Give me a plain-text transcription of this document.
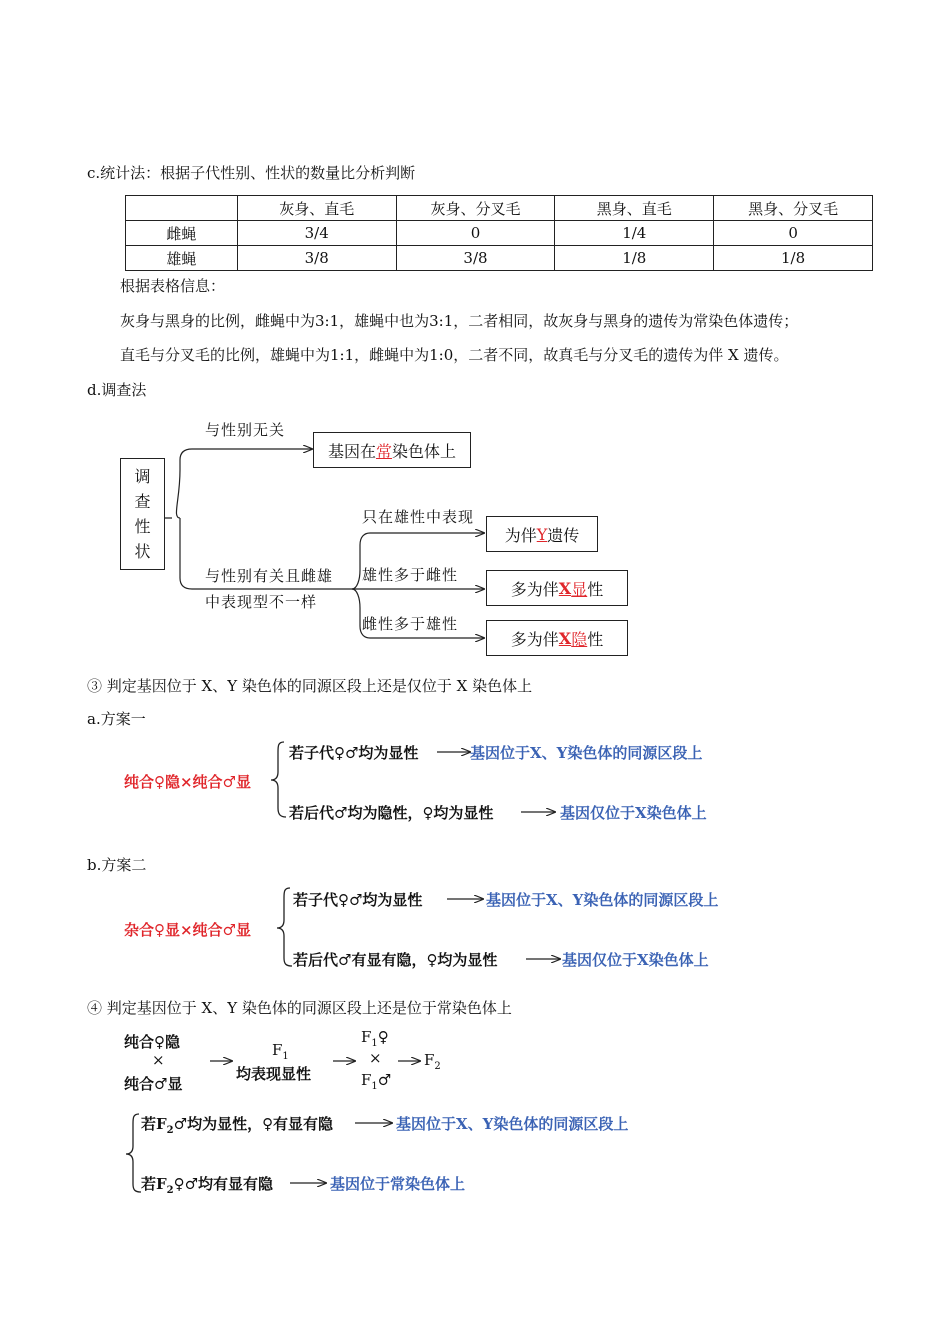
c.统计法：根据子代性别、性状的数量比分析判断
	灰身、直毛	灰身、分叉毛	黑身、直毛	黑身、分叉毛
雌蝇	3/4	0	1/4	0
雄蝇	3/8	3/8	1/8	1/8
根据表格信息：
灰身与黑身的比例，雌蝇中为3:1，雄蝇中也为3:1，二者相同，故灰身与黑身的遗传为常染色体遗传；
直毛与分叉毛的比例，雄蝇中为1:1，雌蝇中为1:0，二者不同，故真毛与分叉毛的遗传为伴 X 遗传。
d.调查法
调
查
性
状
与性别无关
基因在 常 染色体上
与性别有关且雌雄
中表现型不一样
只在雄性中表现
为伴 Y 遗传
雄性多于雌性
多为伴 X 显 性
雌性多于雄性
多为伴 X 隐 性
③ 判定基因位于 X、Y 染色体的同源区段上还是仅位于 X 染色体上
a.方案一
纯合♀隐×纯合♂显
若子代♀♂均为显性	基因位于X、Y染色体的同源区段上
若后代♂均为隐性，♀均为显性	基因仅位于X染色体上
b.方案二
杂合♀显×纯合♂显
若子代♀♂均为显性	基因位于X、Y染色体的同源区段上
若后代♂有显有隐，♀均为显性	基因仅位于X染色体上
④ 判定基因位于 X、Y 染色体的同源区段上还是位于常染色体上
纯合♀隐
×
纯合♂显
$F_1$
均表现显性
$F_1♀$
×
$F_1♂$
$F_2$
若$F_2♂$均为显性，♀有显有隐	基因位于X、Y染色体的同源区段上
若$F_2♀♂$均有显有隐	基因位于常染色体上
